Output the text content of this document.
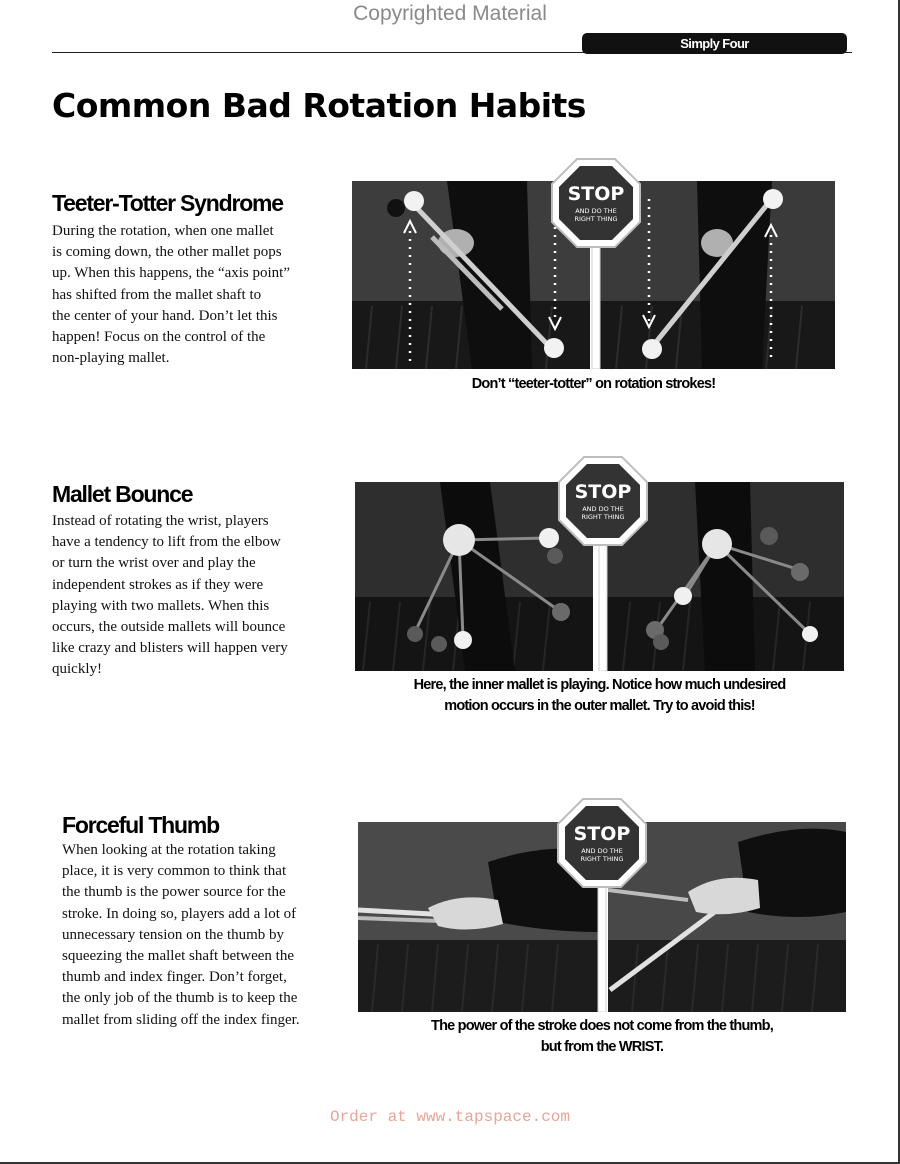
Copyrighted Material
Simply Four
Common Bad Rotation Habits
Teeter-Totter Syndrome

During the rotation, when one mallet
is coming down, the other mallet pops
up. When this happens, the “axis point”
has shifted from the mallet shaft to
the center of your hand. Don’t let this
happen! Focus on the control of the
non-playing mallet.

Mallet Bounce

Instead of rotating the wrist, players
have a tendency to lift from the elbow
or turn the wrist over and play the
independent strokes as if they were
playing with two mallets. When this
occurs, the outside mallets will bounce
like crazy and blisters will happen very
quickly!

Forceful Thumb

When looking at the rotation taking
place, it is very common to think that
the thumb is the power source for the
stroke. In doing so, players add a lot of
unnecessary tension on the thumb by
squeezing the mallet shaft between the
thumb and index finger. Don’t forget,
the only job of the thumb is to keep the
mallet from sliding off the index finger.

STOP
AND DO THE
RIGHT THING
STOP
AND DO THE
RIGHT THING
STOP
AND DO THE
RIGHT THING

Don’t “teeter-totter” on rotation strokes!

Here, the inner mallet is playing. Notice how much undesired
motion occurs in the outer mallet. Try to avoid this!

The power of the stroke does not come from the thumb,
but from the WRIST.

Order at www.tapspace.com
